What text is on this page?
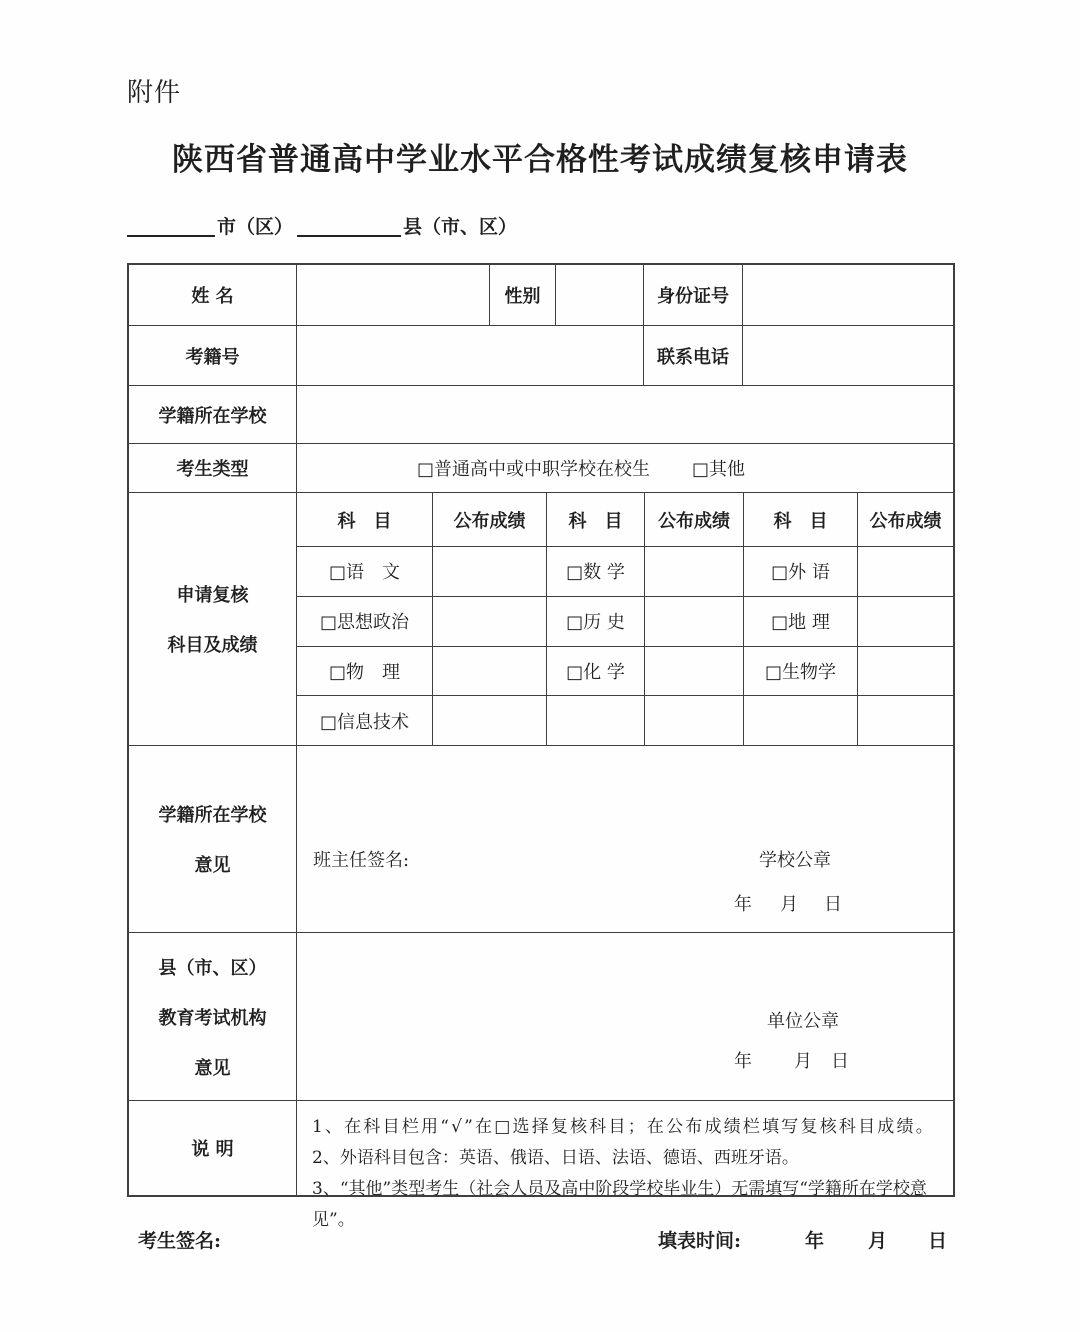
附件
陕西省普通高中学业水平合格性考试成绩复核申请表
市（区）	县（市、区）
姓 名	性别	身份证号
考籍号	联系电话
学籍所在学校
考生类型	□普通高中或中职学校在校生 □其他
申请复核
科目及成绩
科　目	公布成绩	科　目	公布成绩	科　目	公布成绩
□语　文	□数 学	□外 语
□思想政治	□历 史	□地 理
□物　理	□化 学	□生物学
□信息技术
学籍所在学校
意见	班主任签名:	学校公章
年 月 日
县（市、区）
教育考试机构
意见
单位公章
年 月 日
说 明
1、在科目栏用“√”在□选择复核科目；在公布成绩栏填写复核科目成绩。
2、外语科目包含：英语、俄语、日语、法语、德语、西班牙语。
3、“其他”类型考生（社会人员及高中阶段学校毕业生）无需填写“学籍所在学校意见”。
考生签名:	填表时间:	年 月 日
